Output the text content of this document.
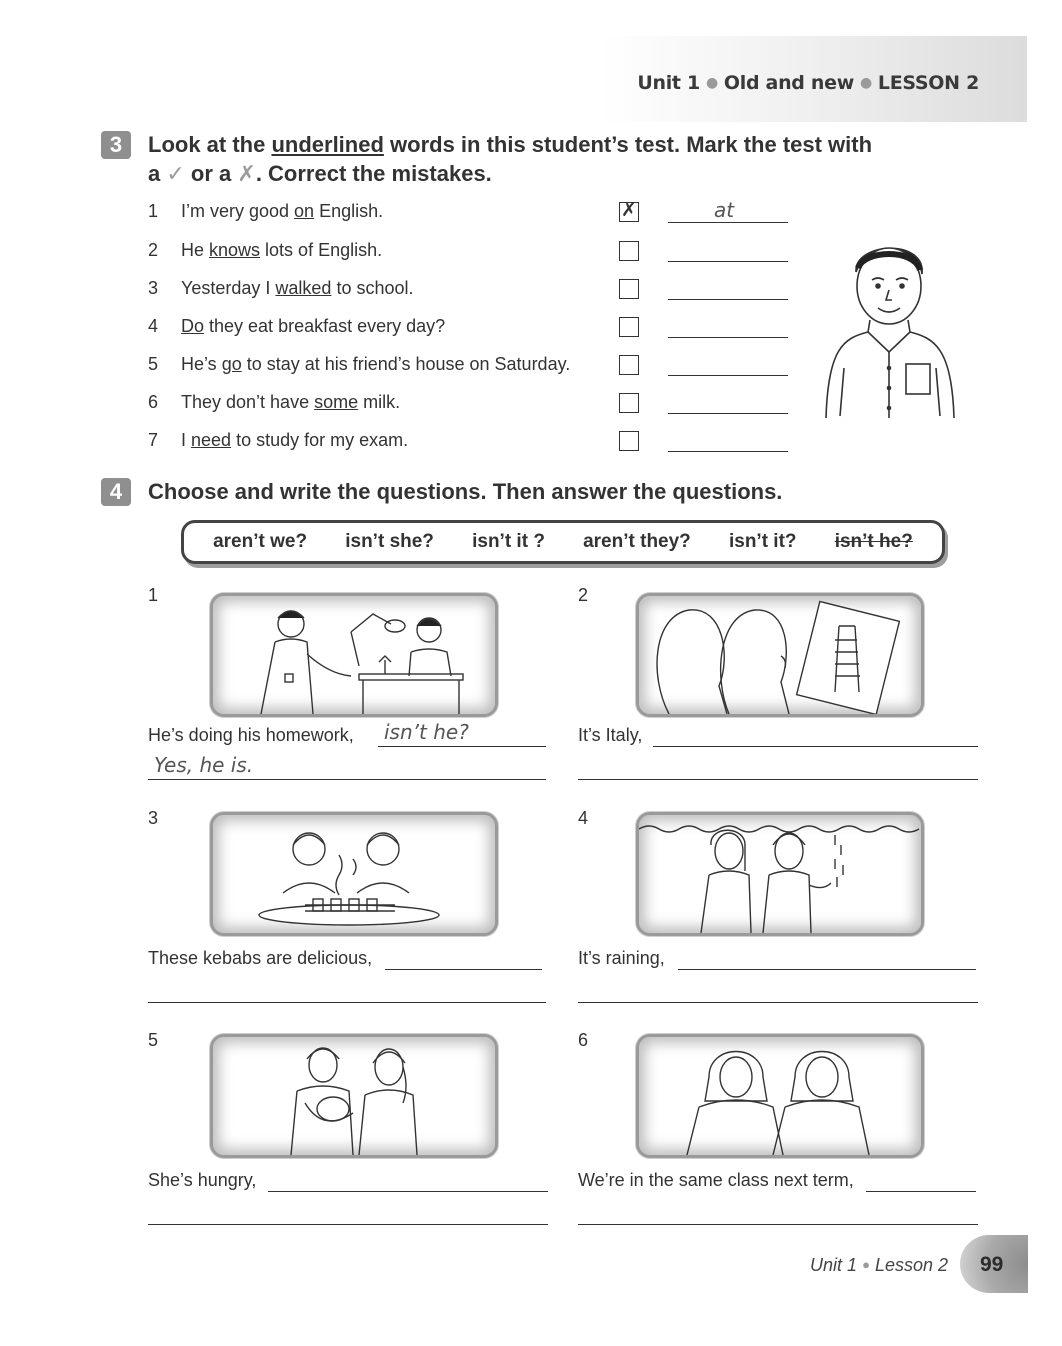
Unit 1 ● Old and new ● LESSON 2
3	Look at the underlined words in this student’s test. Mark the test with
a ✓ or a ✗. Correct the mistakes.
1	I’m very good on English.	✗	at
2	He knows lots of English.
3	Yesterday I walked to school.
4	Do they eat breakfast every day?
5	He’s go to stay at his friend’s house on Saturday.
6	They don’t have some milk.
7	I need to study for my exam.
4	Choose and write the questions. Then answer the questions.
aren’t we? isn’t she? isn’t it ? aren’t they? isn’t it? isn’t he?
1
He’s doing his homework, isn’t he?
Yes, he is.
2
It’s Italy,
3
These kebabs are delicious,
4
It’s raining,
5
She’s hungry,
6
We’re in the same class next term,
Unit 1 ● Lesson 2 99
